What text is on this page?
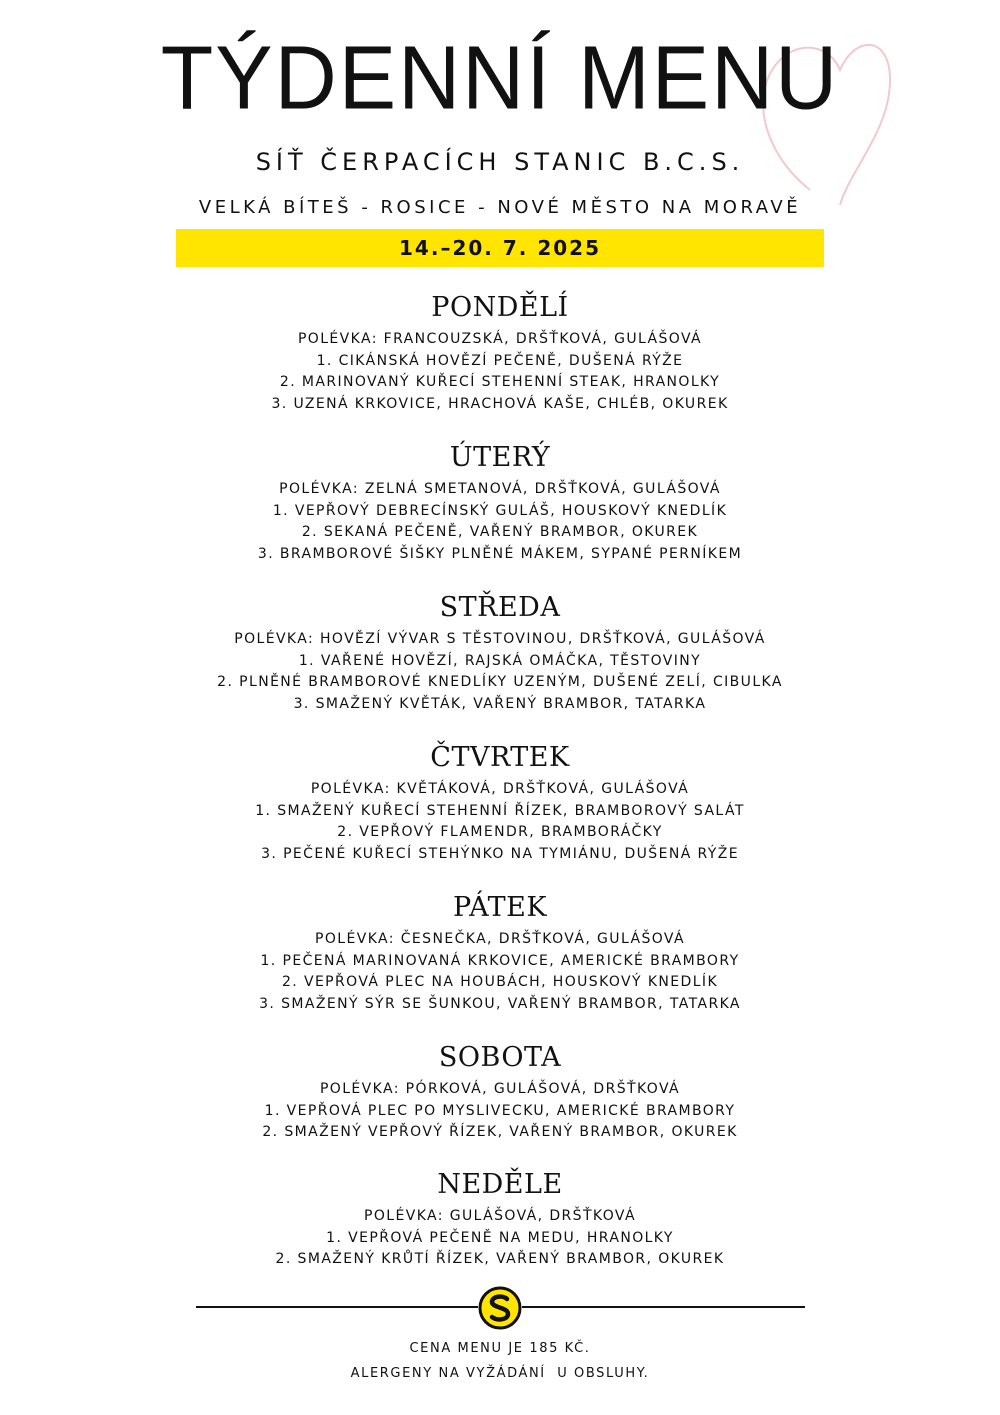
TÝDENNÍ MENU
SÍŤ ČERPACÍCH STANIC B.C.S.
VELKÁ BÍTEŠ - ROSICE - NOVÉ MĚSTO NA MORAVĚ
14.–20. 7. 2025
PONDĚLÍ
POLÉVKA: FRANCOUZSKÁ, DRŠŤKOVÁ, GULÁŠOVÁ
1. CIKÁNSKÁ HOVĚZÍ PEČENĚ, DUŠENÁ RÝŽE
2. MARINOVANÝ KUŘECÍ STEHENNÍ STEAK, HRANOLKY
3. UZENÁ KRKOVICE, HRACHOVÁ KAŠE, CHLÉB, OKUREK
ÚTERÝ
POLÉVKA: ZELNÁ SMETANOVÁ, DRŠŤKOVÁ, GULÁŠOVÁ
1. VEPŘOVÝ DEBRECÍNSKÝ GULÁŠ, HOUSKOVÝ KNEDLÍK
2. SEKANÁ PEČENĚ, VAŘENÝ BRAMBOR, OKUREK
3. BRAMBOROVÉ ŠIŠKY PLNĚNÉ MÁKEM, SYPANÉ PERNÍKEM
STŘEDA
POLÉVKA: HOVĚZÍ VÝVAR S TĚSTOVINOU, DRŠŤKOVÁ, GULÁŠOVÁ
1. VAŘENÉ HOVĚZÍ, RAJSKÁ OMÁČKA, TĚSTOVINY
2. PLNĚNÉ BRAMBOROVÉ KNEDLÍKY UZENÝM, DUŠENÉ ZELÍ, CIBULKA
3. SMAŽENÝ KVĚTÁK, VAŘENÝ BRAMBOR, TATARKA
ČTVRTEK
POLÉVKA: KVĚTÁKOVÁ, DRŠŤKOVÁ, GULÁŠOVÁ
1. SMAŽENÝ KUŘECÍ STEHENNÍ ŘÍZEK, BRAMBOROVÝ SALÁT
2. VEPŘOVÝ FLAMENDR, BRAMBORÁČKY
3. PEČENÉ KUŘECÍ STEHÝNKO NA TYMIÁNU, DUŠENÁ RÝŽE
PÁTEK
POLÉVKA: ČESNEČKA, DRŠŤKOVÁ, GULÁŠOVÁ
1. PEČENÁ MARINOVANÁ KRKOVICE, AMERICKÉ BRAMBORY
2. VEPŘOVÁ PLEC NA HOUBÁCH, HOUSKOVÝ KNEDLÍK
3. SMAŽENÝ SÝR SE ŠUNKOU, VAŘENÝ BRAMBOR, TATARKA
SOBOTA
POLÉVKA: PÓRKOVÁ, GULÁŠOVÁ, DRŠŤKOVÁ
1. VEPŘOVÁ PLEC PO MYSLIVECKU, AMERICKÉ BRAMBORY
2. SMAŽENÝ VEPŘOVÝ ŘÍZEK, VAŘENÝ BRAMBOR, OKUREK
NEDĚLE
POLÉVKA: GULÁŠOVÁ, DRŠŤKOVÁ
1. VEPŘOVÁ PEČENĚ NA MEDU, HRANOLKY
2. SMAŽENÝ KRŮTÍ ŘÍZEK, VAŘENÝ BRAMBOR, OKUREK
CENA MENU JE 185 KČ.
ALERGENY NA VYŽÁDÁNÍ  U OBSLUHY.
